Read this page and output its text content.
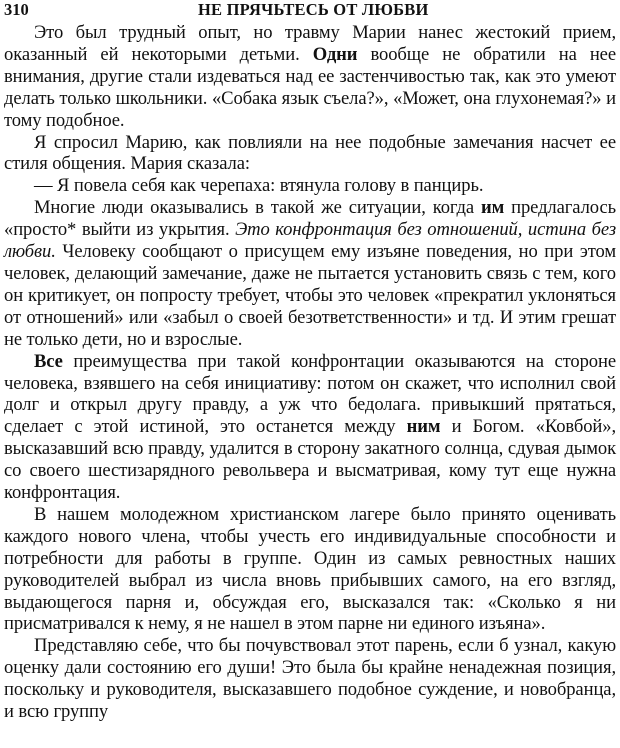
310	НЕ ПРЯЧЬТЕСЬ ОТ ЛЮБВИ

Это был трудный опыт, но травму Марии нанес жестокий прием, оказанный ей некоторыми детьми. Одни вообще не обратили на нее внимания, другие стали издеваться над ее застенчивостью так, как это умеют делать только школьники. «Собака язык съела?», «Может, она глухонемая?» и тому подобное.

Я спросил Марию, как повлияли на нее подобные замечания насчет ее стиля общения. Мария сказала:

— Я повела себя как черепаха: втянула голову в панцирь.

Многие люди оказывались в такой же ситуации, когда им предлагалось «просто* выйти из укрытия. Это конфронтация без отношений, истина без любви. Человеку сообщают о присущем ему изъяне поведения, но при этом человек, делающий замечание, даже не пытается установить связь с тем, кого он критикует, он попросту требует, чтобы это человек «прекратил уклоняться от отношений» или «забыл о своей безответственности» и тд. И этим грешат не только дети, но и взрослые.

Все преимущества при такой конфронтации оказываются на стороне человека, взявшего на себя инициативу: потом он скажет, что исполнил свой долг и открыл другу правду, а уж что бедолага. привыкший прятаться, сделает с этой истиной, это останется между ним и Богом. «Ковбой», высказавший всю правду, удалится в сторону закатного солнца, сдувая дымок со своего шестизарядного револьвера и высматривая, кому тут еще нужна конфронтация.

В нашем молодежном христианском лагере было принято оценивать каждого нового члена, чтобы учесть его индивидуальные способности и потребности для работы в группе. Один из самых ревностных наших руководителей выбрал из числа вновь прибывших самого, на его взгляд, выдающегося парня и, обсуждая его, высказался так: «Сколько я ни присматривался к нему, я не нашел в этом парне ни единого изъяна».

Представляю себе, что бы почувствовал этот парень, если б узнал, какую оценку дали состоянию его души! Это была бы крайне ненадежная позиция, поскольку и руководителя, высказавшего подобное суждение, и новобранца, и всю группу
